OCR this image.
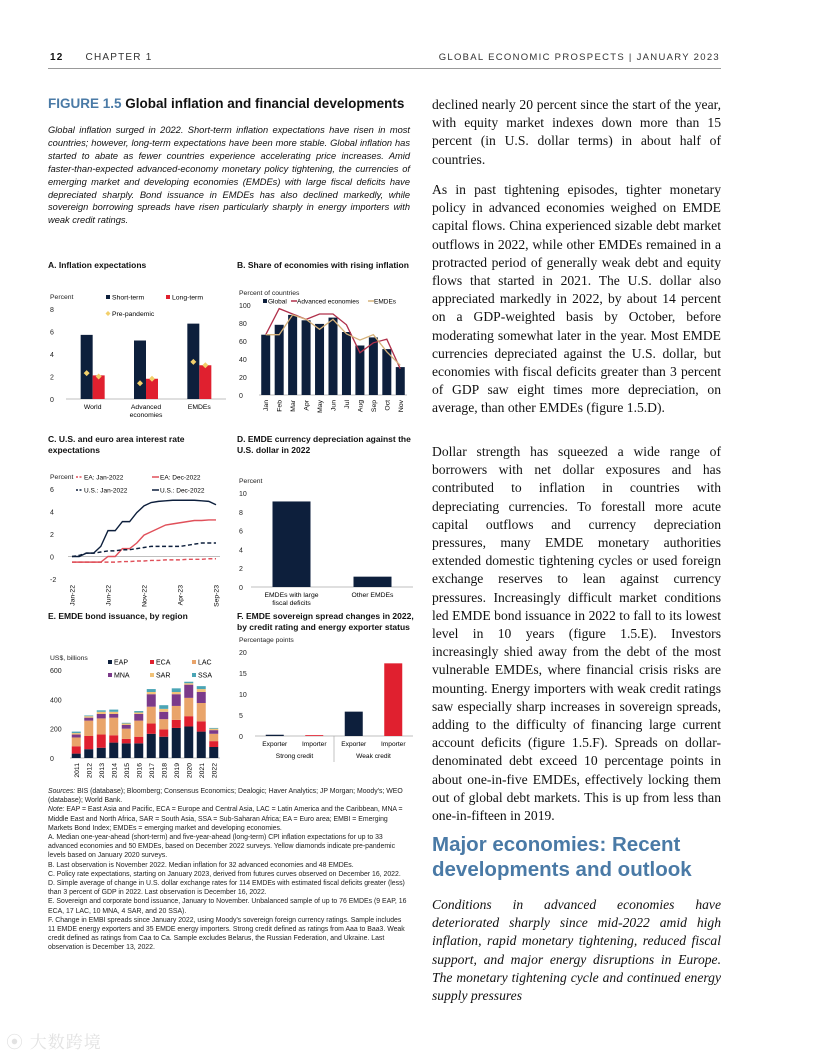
12 CHAPTER 1	GLOBAL ECONOMIC PROSPECTS | JANUARY 2023
FIGURE 1.5 Global inflation and financial developments
Global inflation surged in 2022. Short-term inflation expectations have risen in most countries; however, long-term expectations have been more stable. Global inflation has started to abate as fewer countries experience accelerating price increases. Amid faster-than-expected advanced-economy monetary policy tightening, the currencies of emerging market and developing economies (EMDEs) with large fiscal deficits have depreciated sharply. Bond issuance in EMDEs has also declined markedly, while sovereign borrowing spreads have risen particularly sharply in energy importers with weak credit ratings.
A. Inflation expectations
0
2
4
6
8
Percent	Short-term	Long-term
Pre-pandemic
World	Advanced
economies
EMDEs
B. Share of economies with rising inflation
0
20
40
60
80
100
Percent of countries
Global Advanced economies EMDEs
Jan Feb Mar Apr May Jun Jul Aug Sep Oct Nov
C. U.S. and euro area interest rate expectations
-2
0
2
4
6
Percent EA: Jan-2022	EA: Dec-2022
U.S.: Jan-2022	U.S.: Dec-2022
Jan-22	Jun-22	Nov-22	Apr-23	Sep-23
D. EMDE currency depreciation against the U.S. dollar in 2022
0
2
4
6
8
10
Percent
EMDEs with large
fiscal deficits
Other EMDEs
E. EMDE bond issuance, by region
0
200
400
600
US$, billions
EAP	ECA	LAC
MNA	SAR	SSA
2011 2012 2013 2014 2015 2016 2017 2018 2019 2020 2021 2022
F. EMDE sovereign spread changes in 2022, by credit rating and energy exporter status
0
5
10
15
20
Percentage points
Exporter Importer Exporter Importer
Strong credit	Weak credit

Sources: BIS (database); Bloomberg; Consensus Economics; Dealogic; Haver Analytics; JP Morgan; Moody's; WEO (database); World Bank.

Note: EAP = East Asia and Pacific, ECA = Europe and Central Asia, LAC = Latin America and the Caribbean, MNA = Middle East and North Africa, SAR = South Asia, SSA = Sub-Saharan Africa; EA = Euro area; EMBI = Emerging Markets Bond Index; EMDEs = emerging market and developing economies.

A. Median one-year-ahead (short-term) and five-year-ahead (long-term) CPI inflation expectations for up to 33 advanced economies and 50 EMDEs, based on December 2022 surveys. Yellow diamonds indicate pre-pandemic levels based on January 2020 surveys.

B. Last observation is November 2022. Median inflation for 32 advanced economies and 48 EMDEs.

C. Policy rate expectations, starting on January 2023, derived from futures curves observed on December 16, 2022.

D. Simple average of change in U.S. dollar exchange rates for 114 EMDEs with estimated fiscal deficits greater (less) than 3 percent of GDP in 2022. Last observation is December 16, 2022.

E. Sovereign and corporate bond issuance, January to November. Unbalanced sample of up to 76 EMDEs (9 EAP, 16 ECA, 17 LAC, 10 MNA, 4 SAR, and 20 SSA).

F. Change in EMBI spreads since January 2022, using Moody's sovereign foreign currency ratings. Sample includes 11 EMDE energy exporters and 35 EMDE energy importers. Strong credit defined as ratings from Aaa to Baa3. Weak credit defined as ratings from Caa to Ca. Sample excludes Belarus, the Russian Federation, and Ukraine. Last observation is December 13, 2022.

declined nearly 20 percent since the start of the year, with equity market indexes down more than 15 percent (in U.S. dollar terms) in about half of countries.
As in past tightening episodes, tighter monetary policy in advanced economies weighed on EMDE capital flows. China experienced sizable debt market outflows in 2022, while other EMDEs remained in a protracted period of generally weak debt and equity flows that started in 2021. The U.S. dollar also appreciated markedly in 2022, by about 14 percent on a GDP-weighted basis by October, before moderating somewhat later in the year. Most EMDE currencies depreciated against the U.S. dollar, but economies with fiscal deficits greater than 3 percent of GDP saw eight times more depreciation, on average, than other EMDEs (figure 1.5.D).
Dollar strength has squeezed a wide range of borrowers with net dollar exposures and has contributed to inflation in countries with depreciating currencies. To forestall more acute capital outflows and currency depreciation pressures, many EMDE monetary authorities extended domestic tightening cycles or used foreign exchange reserves to lean against currency pressures. Increasingly difficult market conditions led EMDE bond issuance in 2022 to fall to its lowest level in 10 years (figure 1.5.E). Investors increasingly shied away from the debt of the most vulnerable EMDEs, where financial crisis risks are mounting. Energy importers with weak credit ratings saw especially sharp increases in sovereign spreads, adding to the difficulty of financing large current account deficits (figure 1.5.F). Spreads on dollar-denominated debt exceed 10 percentage points in about one-in-five EMDEs, effectively locking them out of global debt markets. This is up from less than one-in-fifteen in 2019.
Major economies: Recent developments and outlook
Conditions in advanced economies have deteriorated sharply since mid-2022 amid high inflation, rapid monetary tightening, reduced fiscal support, and major energy disruptions in Europe. The monetary tightening cycle and continued energy supply pressures
⦿ 大数跨境
